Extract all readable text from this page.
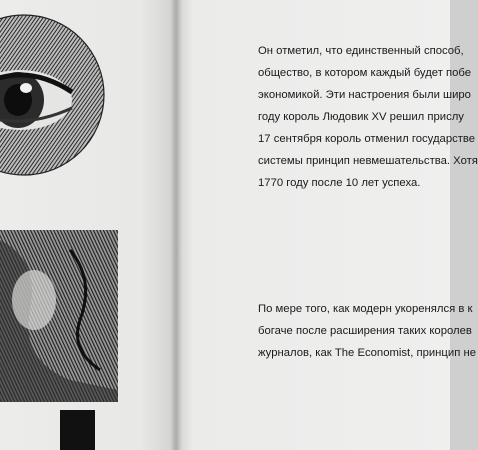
Он отметил, что единственный способ,
общество, в котором каждый будет побе
экономикой. Эти настроения были широ
году король Людовик XV решил прислу
17 сентября король отменил государстве
системы принцип невмешательства. Хотя
1770 году после 10 лет успеха.
По мере того, как модерн укоренялся в к
богаче после расширения таких королев
журналов, как The Economist, принцип не
